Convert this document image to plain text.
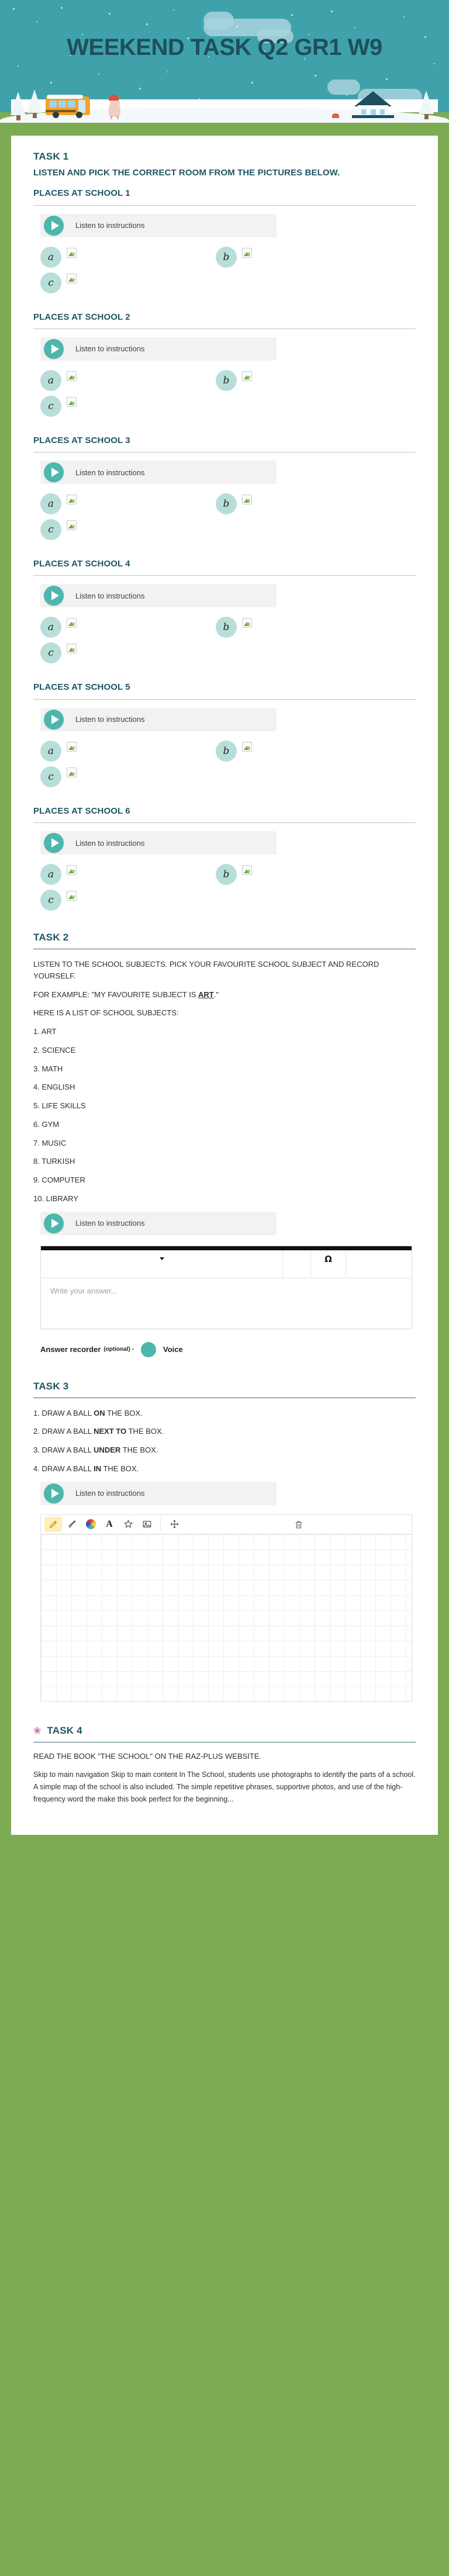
WEEKEND TASK Q2 GR1 W9
TASK 1
LISTEN AND PICK THE CORRECT ROOM FROM THE PICTURES BELOW.
PLACES AT SCHOOL 1
Listen to instructions
a	b
c
PLACES AT SCHOOL 2
Listen to instructions
a	b
c
PLACES AT SCHOOL 3
Listen to instructions
a	b
c
PLACES AT SCHOOL 4
Listen to instructions
a	b
c
PLACES AT SCHOOL 5
Listen to instructions
a	b
c
PLACES AT SCHOOL 6
Listen to instructions
a	b
c
TASK 2

LISTEN TO THE SCHOOL SUBJECTS. PICK YOUR FAVOURITE SCHOOL SUBJECT AND RECORD YOURSELF.

FOR EXAMPLE: "MY FAVOURITE SUBJECT IS ART."

HERE IS A LIST OF SCHOOL SUBJECTS:

1. ART

2. SCIENCE

3. MATH

4. ENGLISH

5. LIFE SKILLS

6. GYM

7. MUSIC

8. TURKISH

9. COMPUTER

10. LIBRARY

Listen to instructions
Ω
Write your answer...
Answer recorder (optional) -	Voice
TASK 3

1. DRAW A BALL ON THE BOX.

2. DRAW A BALL NEXT TO THE BOX.

3. DRAW A BALL UNDER THE BOX.

4. DRAW A BALL IN THE BOX.

Listen to instructions
A
❀ TASK 4

READ THE BOOK "THE SCHOOL" ON THE RAZ-PLUS WEBSITE.

Skip to main navigation Skip to main content In The School, students use photographs to identify the parts of a school. A simple map of the school is also included. The simple repetitive phrases, supportive photos, and use of the high-frequency word the make this book perfect for the beginning...
